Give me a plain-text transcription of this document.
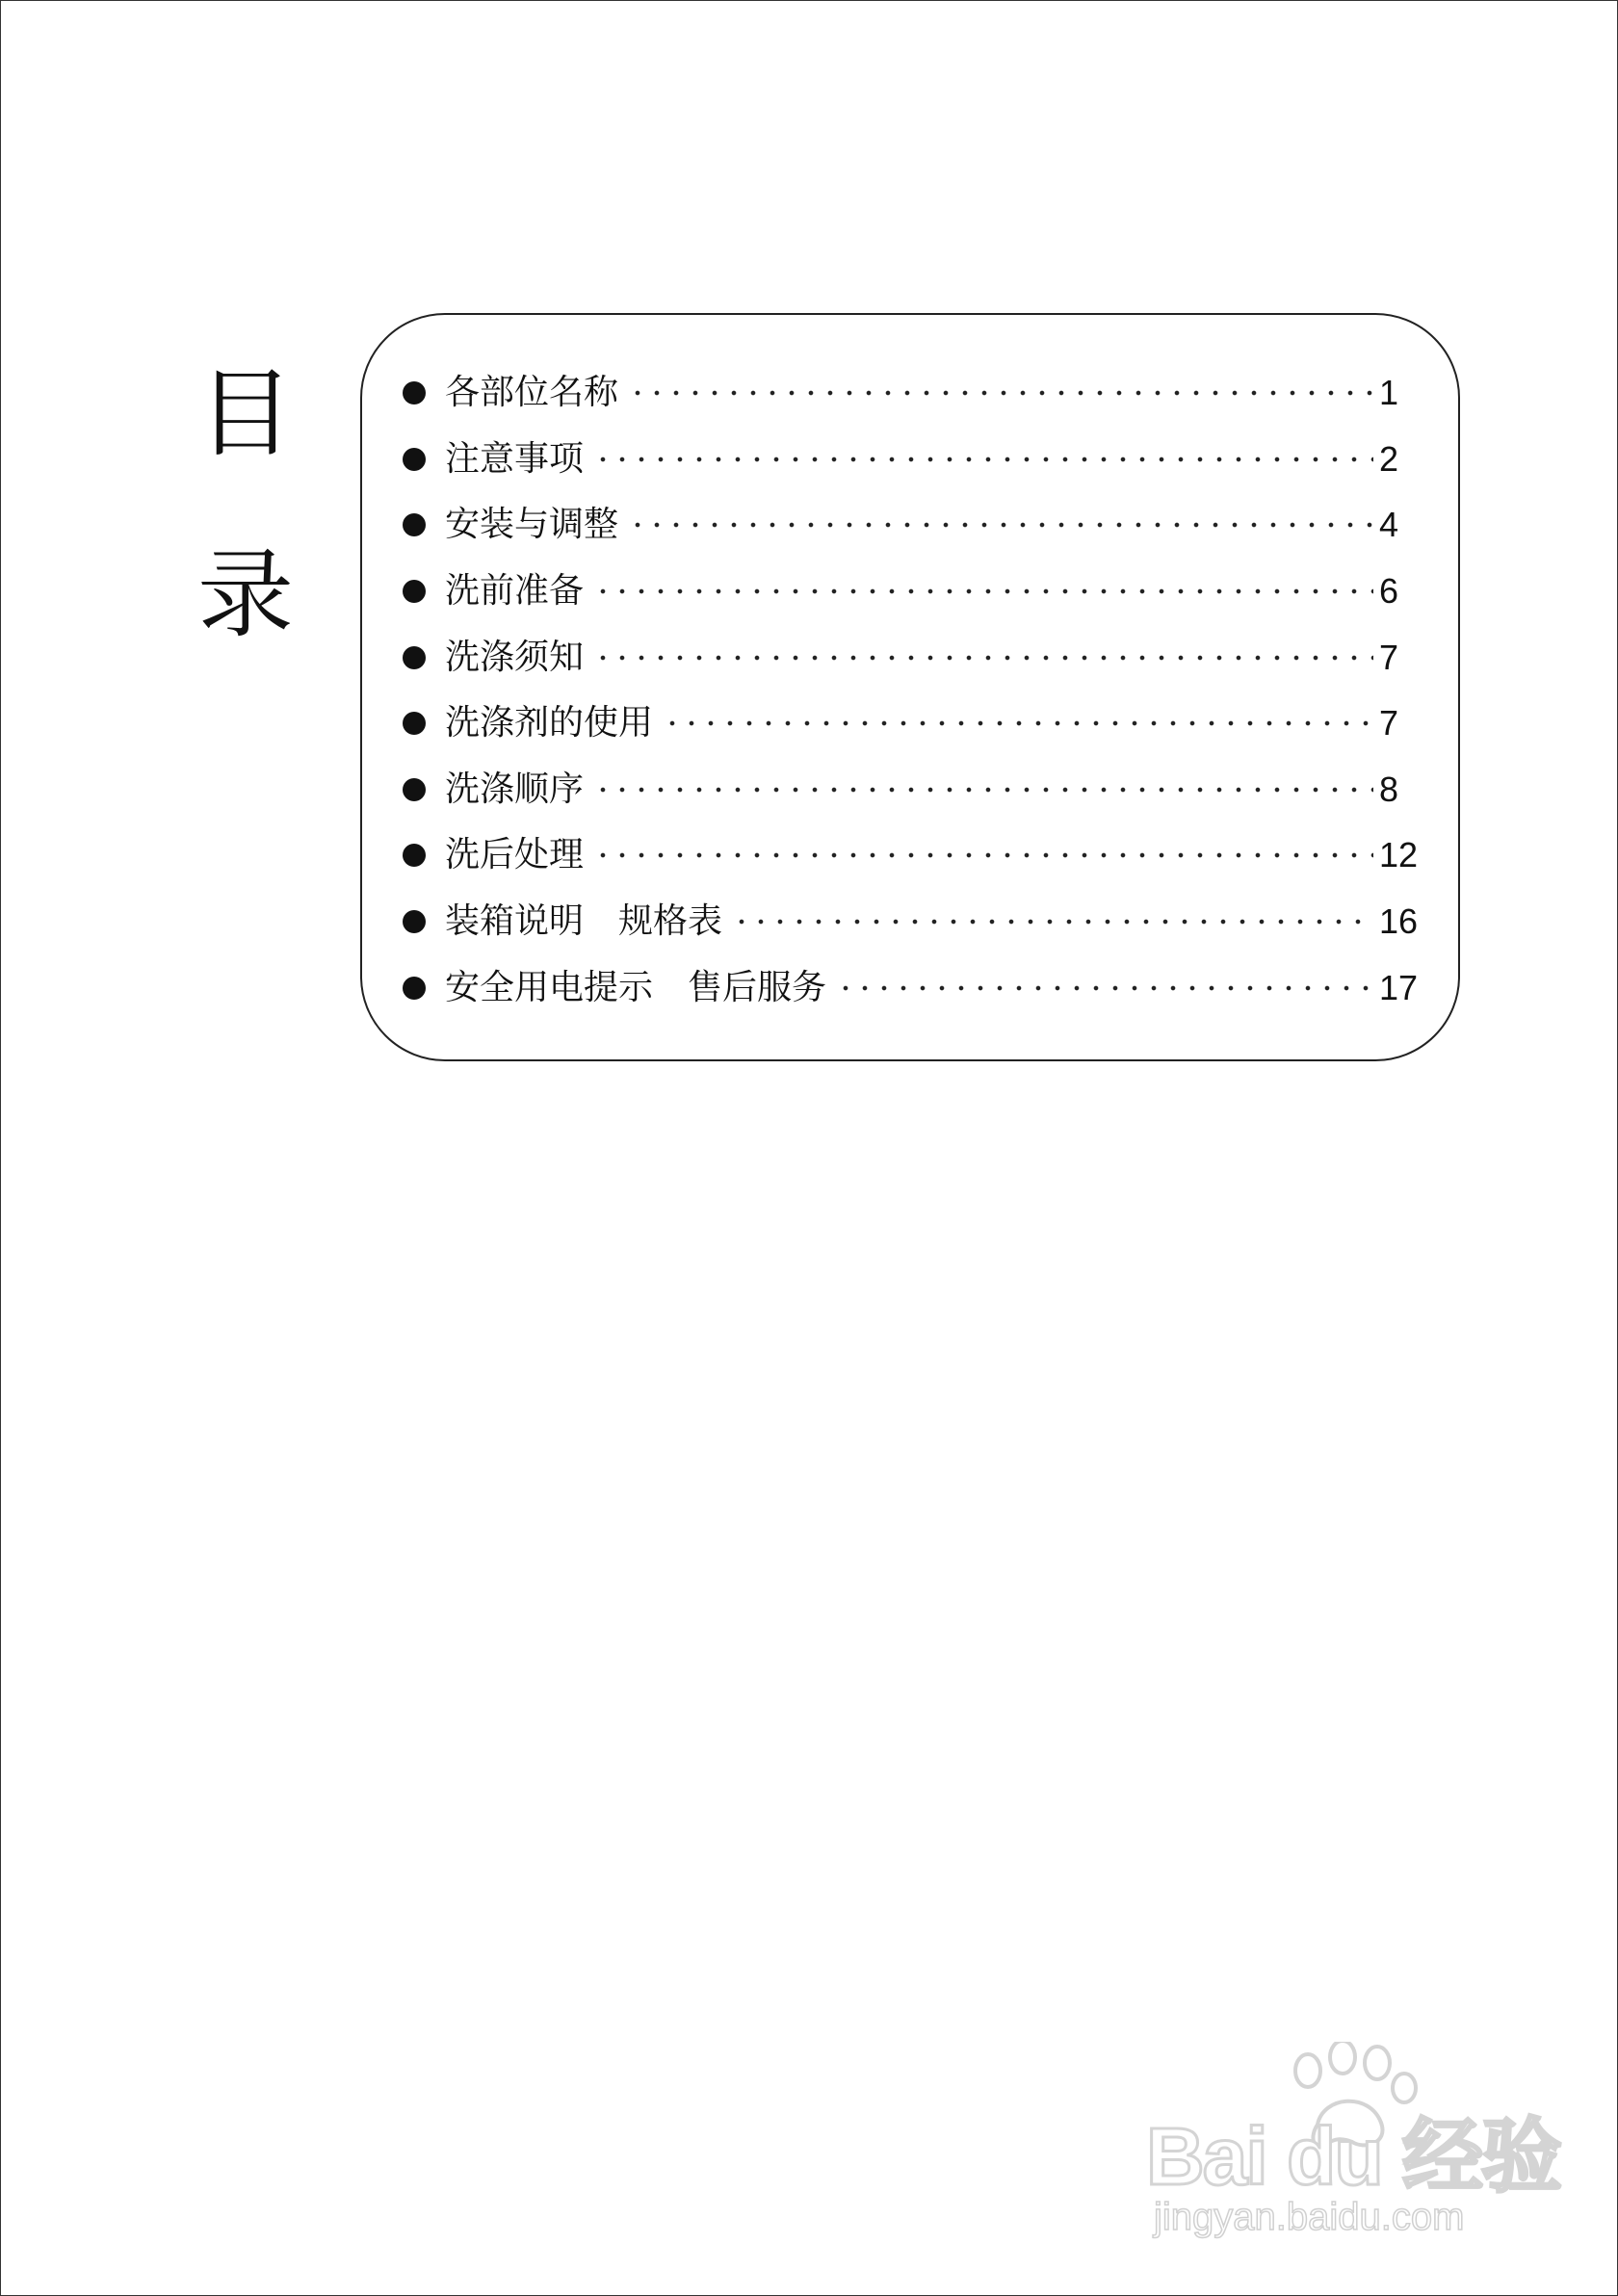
目
录
各部位名称	1
注意事项	2
安装与调整	4
洗前准备	6
洗涤须知	7
洗涤剂的使用	7
洗涤顺序	8
洗后处理	12
装箱说明　规格表	16
安全用电提示　售后服务	17
Bai du 经验
jingyan.baidu.com
